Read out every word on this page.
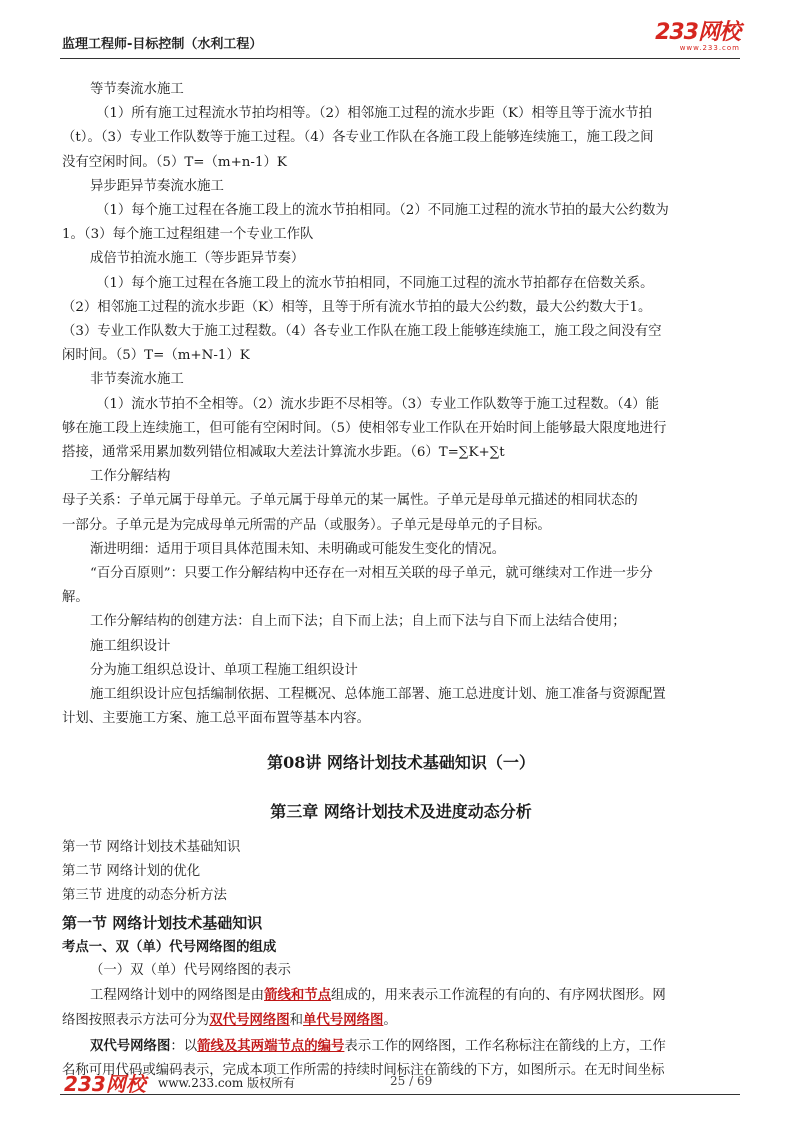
监理工程师-目标控制（水利工程）	233网校
www.233.com

等节奏流水施工

（1）所有施工过程流水节拍均相等。（2）相邻施工过程的流水步距（K）相等且等于流水节拍

（t）。（3）专业工作队数等于施工过程。（4）各专业工作队在各施工段上能够连续施工，施工段之间

没有空闲时间。（5）T=（m+n-1）K

异步距异节奏流水施工

（1）每个施工过程在各施工段上的流水节拍相同。（2）不同施工过程的流水节拍的最大公约数为

1。（3）每个施工过程组建一个专业工作队

成倍节拍流水施工（等步距异节奏）

（1）每个施工过程在各施工段上的流水节拍相同，不同施工过程的流水节拍都存在倍数关系。

（2）相邻施工过程的流水步距（K）相等，且等于所有流水节拍的最大公约数，最大公约数大于1。

（3）专业工作队数大于施工过程数。（4）各专业工作队在施工段上能够连续施工，施工段之间没有空

闲时间。（5）T=（m+N-1）K

非节奏流水施工

（1）流水节拍不全相等。（2）流水步距不尽相等。（3）专业工作队数等于施工过程数。（4）能

够在施工段上连续施工，但可能有空闲时间。（5）使相邻专业工作队在开始时间上能够最大限度地进行

搭接，通常采用累加数列错位相减取大差法计算流水步距。（6）T=∑K+∑t

工作分解结构

母子关系：子单元属于母单元。子单元属于母单元的某一属性。子单元是母单元描述的相同状态的

一部分。子单元是为完成母单元所需的产品（或服务）。子单元是母单元的子目标。

渐进明细：适用于项目具体范围未知、未明确或可能发生变化的情况。

“百分百原则”：只要工作分解结构中还存在一对相互关联的母子单元，就可继续对工作进一步分

解。

工作分解结构的创建方法：自上而下法；自下而上法；自上而下法与自下而上法结合使用；

施工组织设计

分为施工组织总设计、单项工程施工组织设计

施工组织设计应包括编制依据、工程概况、总体施工部署、施工总进度计划、施工准备与资源配置

计划、主要施工方案、施工总平面布置等基本内容。

第08讲 网络计划技术基础知识（一）

第三章 网络计划技术及进度动态分析

第一节 网络计划技术基础知识

第二节 网络计划的优化

第三节 进度的动态分析方法

第一节 网络计划技术基础知识

考点一、双（单）代号网络图的组成

（一）双（单）代号网络图的表示

工程网络计划中的网络图是由箭线和节点组成的，用来表示工作流程的有向的、有序网状图形。网

络图按照表示方法可分为双代号网络图和单代号网络图。

双代号网络图：以箭线及其两端节点的编号表示工作的网络图，工作名称标注在箭线的上方，工作

名称可用代码或编码表示，完成本项工作所需的持续时间标注在箭线的下方，如图所示。在无时间坐标

233网校 www.233.com 版权所有	25 / 69
